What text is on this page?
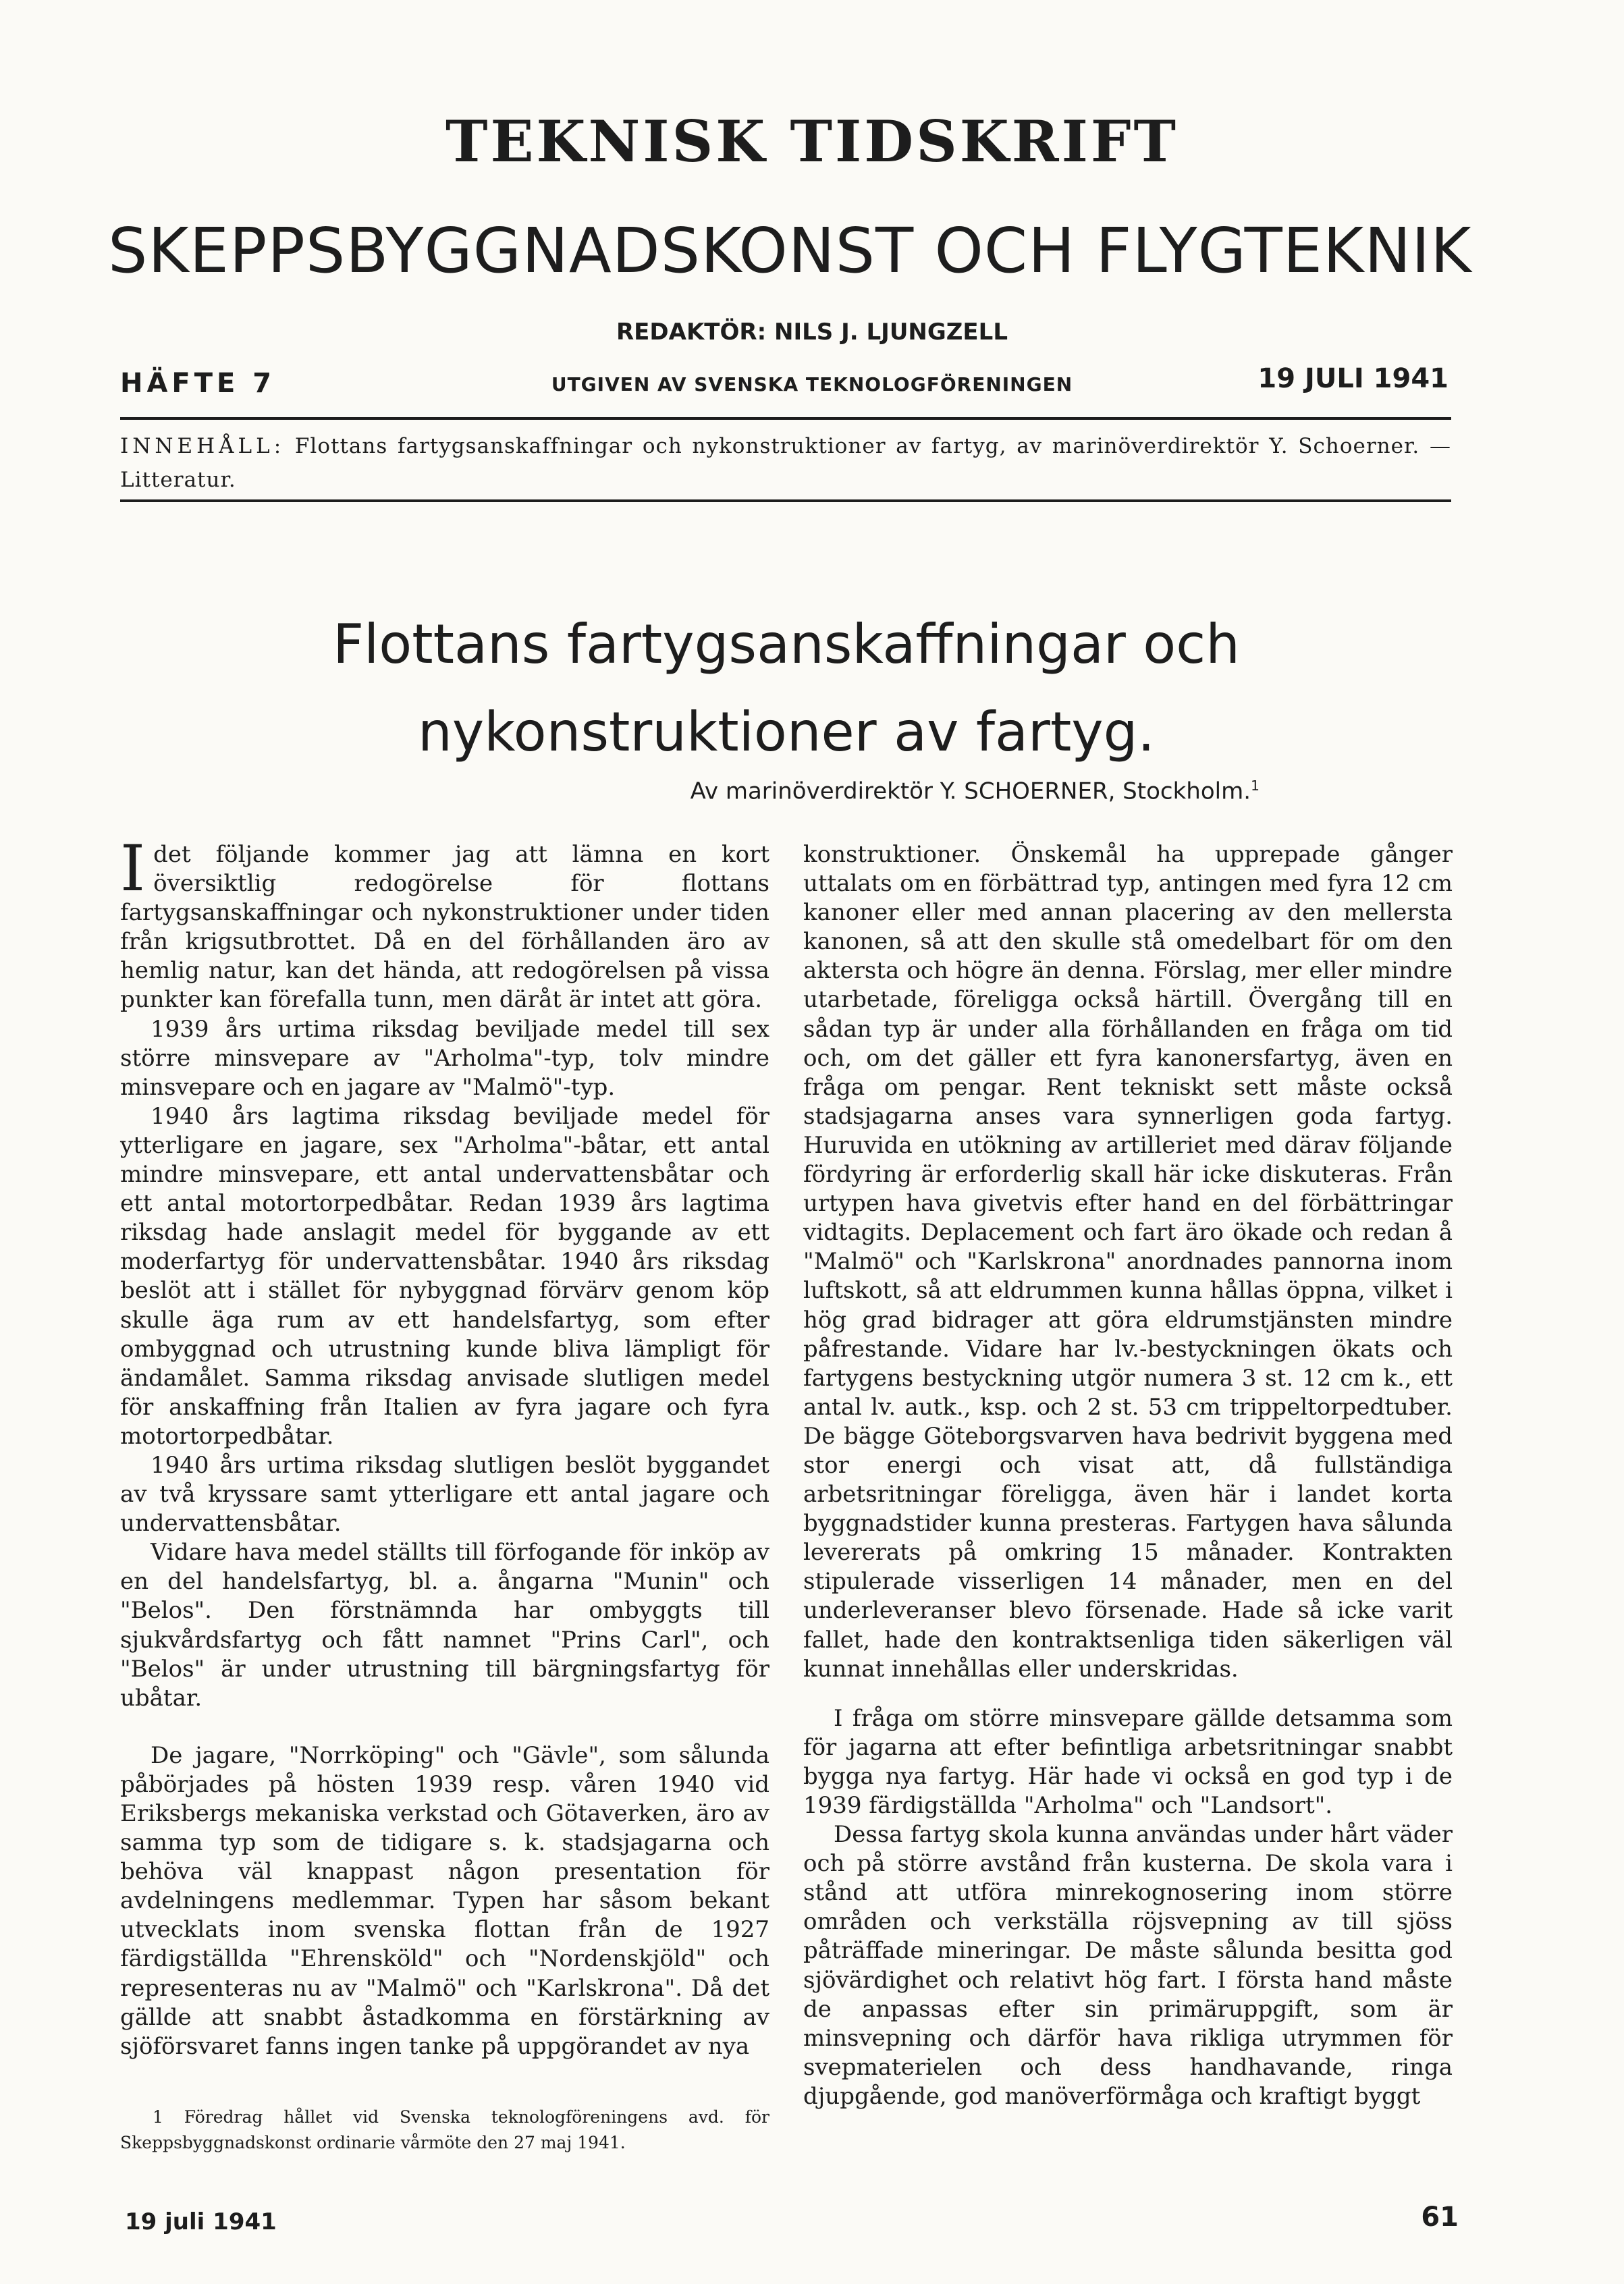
TEKNISK TIDSKRIFT
SKEPPSBYGGNADSKONST OCH FLYGTEKNIK
REDAKTÖR: NILS J. LJUNGZELL
HÄFTE 7	UTGIVEN AV SVENSKA TEKNOLOGFÖRENINGEN	19 JULI 1941
INNEHÅLL: Flottans fartygsanskaffningar och nykonstruktioner av fartyg, av marinöverdirektör Y. Schoerner. — Litteratur.
Flottans fartygsanskaffningar och nykonstruktioner av fartyg.
Av marinöverdirektör Y. SCHOERNER, Stockholm.$^1$

Idet följande kommer jag att lämna en kort översiktlig redogörelse för flottans fartygsanskaffningar och nykonstruktioner under tiden från krigsutbrottet. Då en del förhållanden äro av hemlig natur, kan det hända, att redogörelsen på vissa punkter kan förefalla tunn, men däråt är intet att göra.

1939 års urtima riksdag beviljade medel till sex större minsvepare av "Arholma"-typ, tolv mindre minsvepare och en jagare av "Malmö"-typ.

1940 års lagtima riksdag beviljade medel för ytterligare en jagare, sex "Arholma"-båtar, ett antal mindre minsvepare, ett antal undervattensbåtar och ett antal motortorpedbåtar. Redan 1939 års lagtima riksdag hade anslagit medel för byggande av ett moderfartyg för undervattensbåtar. 1940 års riksdag beslöt att i stället för nybyggnad förvärv genom köp skulle äga rum av ett handelsfartyg, som efter ombyggnad och utrustning kunde bliva lämpligt för ändamålet. Samma riksdag anvisade slutligen medel för anskaffning från Italien av fyra jagare och fyra motortorpedbåtar.

1940 års urtima riksdag slutligen beslöt byggandet av två kryssare samt ytterligare ett antal jagare och undervattensbåtar.

Vidare hava medel ställts till förfogande för inköp av en del handelsfartyg, bl. a. ångarna "Munin" och "Belos". Den förstnämnda har ombyggts till sjukvårdsfartyg och fått namnet "Prins Carl", och "Belos" är under utrustning till bärgningsfartyg för ubåtar.

De jagare, "Norrköping" och "Gävle", som sålunda påbörjades på hösten 1939 resp. våren 1940 vid Eriksbergs mekaniska verkstad och Götaverken, äro av samma typ som de tidigare s. k. stadsjagarna och behöva väl knappast någon presentation för avdelningens medlemmar. Typen har såsom bekant utvecklats inom svenska flottan från de 1927 färdigställda "Ehrensköld" och "Nordenskjöld" och representeras nu av "Malmö" och "Karlskrona". Då det gällde att snabbt åstadkomma en förstärkning av sjöförsvaret fanns ingen tanke på uppgörandet av nya

konstruktioner. Önskemål ha upprepade gånger uttalats om en förbättrad typ, antingen med fyra 12 cm kanoner eller med annan placering av den mellersta kanonen, så att den skulle stå omedelbart för om den aktersta och högre än denna. Förslag, mer eller mindre utarbetade, föreligga också härtill. Övergång till en sådan typ är under alla förhållanden en fråga om tid och, om det gäller ett fyra kanonersfartyg, även en fråga om pengar. Rent tekniskt sett måste också stadsjagarna anses vara synnerligen goda fartyg. Huruvida en utökning av artilleriet med därav följande fördyring är erforderlig skall här icke diskuteras. Från urtypen hava givetvis efter hand en del förbättringar vidtagits. Deplacement och fart äro ökade och redan å "Malmö" och "Karlskrona" anordnades pannorna inom luftskott, så att eldrummen kunna hållas öppna, vilket i hög grad bidrager att göra eldrumstjänsten mindre påfrestande. Vidare har lv.-bestyckningen ökats och fartygens bestyckning utgör numera 3 st. 12 cm k., ett antal lv. autk., ksp. och 2 st. 53 cm trippeltorpedtuber. De bägge Göteborgsvarven hava bedrivit byggena med stor energi och visat att, då fullständiga arbetsritningar föreligga, även här i landet korta byggnadstider kunna presteras. Fartygen hava sålunda levererats på omkring 15 månader. Kontrakten stipulerade visserligen 14 månader, men en del underleveranser blevo försenade. Hade så icke varit fallet, hade den kontraktsenliga tiden säkerligen väl kunnat innehållas eller underskridas.

I fråga om större minsvepare gällde detsamma som för jagarna att efter befintliga arbetsritningar snabbt bygga nya fartyg. Här hade vi också en god typ i de 1939 färdigställda "Arholma" och "Landsort".

Dessa fartyg skola kunna användas under hårt väder och på större avstånd från kusterna. De skola vara i stånd att utföra minrekognosering inom större områden och verkställa röjsvepning av till sjöss påträffade mineringar. De måste sålunda besitta god sjövärdighet och relativt hög fart. I första hand måste de anpassas efter sin primäruppgift, som är minsvepning och därför hava rikliga utrymmen för svepmaterielen och dess handhavande, ringa djupgående, god manöverförmåga och kraftigt byggt

1 Föredrag hållet vid Svenska teknologföreningens avd. för Skeppsbyggnadskonst ordinarie vårmöte den 27 maj 1941.
19 juli 1941	61
